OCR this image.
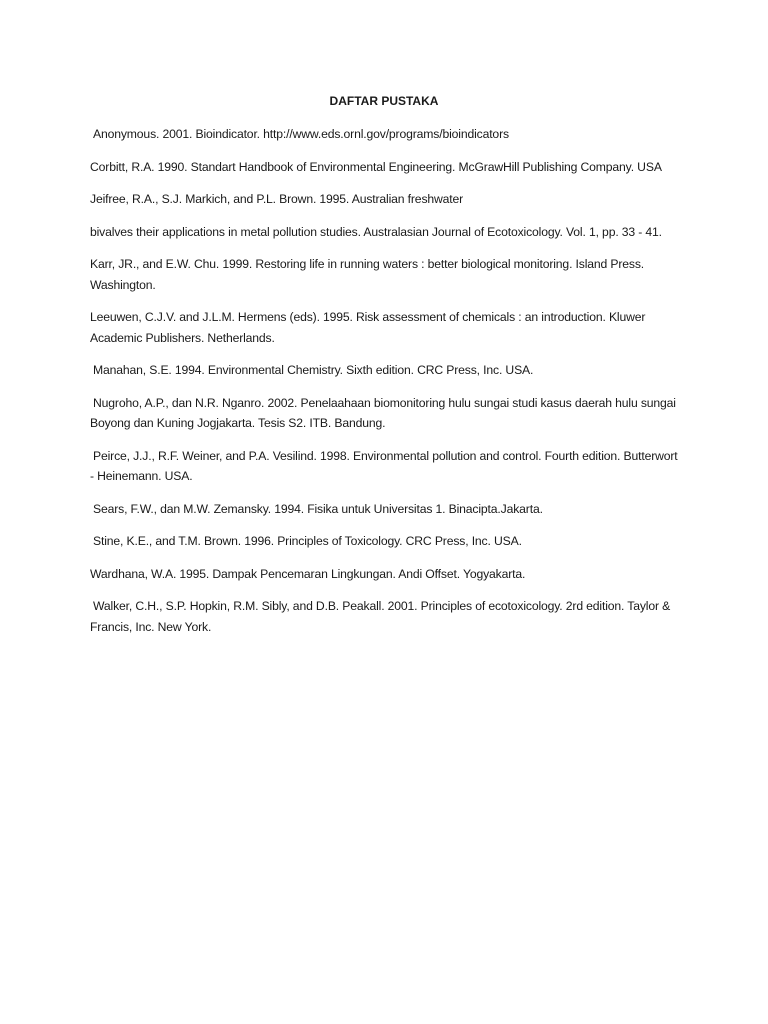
DAFTAR PUSTAKA
Anonymous. 2001. Bioindicator. http://www.eds.ornl.gov/programs/bioindicators
Corbitt, R.A. 1990. Standart Handbook of Environmental Engineering. McGrawHill Publishing Company. USA
Jeifree, R.A., S.J. Markich, and P.L. Brown. 1995. Australian freshwater
bivalves their applications in metal pollution studies. Australasian Journal of Ecotoxicology. Vol. 1, pp. 33 - 41.
Karr, JR., and E.W. Chu. 1999. Restoring life in running waters : better biological monitoring. Island Press. Washington.
Leeuwen, C.J.V. and J.L.M. Hermens (eds). 1995. Risk assessment of chemicals : an introduction. Kluwer Academic Publishers. Netherlands.
Manahan, S.E. 1994. Environmental Chemistry. Sixth edition. CRC Press, Inc. USA.
Nugroho, A.P., dan N.R. Nganro. 2002. Penelaahaan biomonitoring hulu sungai studi kasus daerah hulu sungai Boyong dan Kuning Jogjakarta. Tesis S2. ITB. Bandung.
Peirce, J.J., R.F. Weiner, and P.A. Vesilind. 1998. Environmental pollution and control. Fourth edition. Butterwort - Heinemann. USA.
Sears, F.W., dan M.W. Zemansky. 1994. Fisika untuk Universitas 1. Binacipta.Jakarta.
Stine, K.E., and T.M. Brown. 1996. Principles of Toxicology. CRC Press, Inc. USA.
Wardhana, W.A. 1995. Dampak Pencemaran Lingkungan. Andi Offset. Yogyakarta.
Walker, C.H., S.P. Hopkin, R.M. Sibly, and D.B. Peakall. 2001. Principles of ecotoxicology. 2rd edition. Taylor & Francis, Inc. New York.
